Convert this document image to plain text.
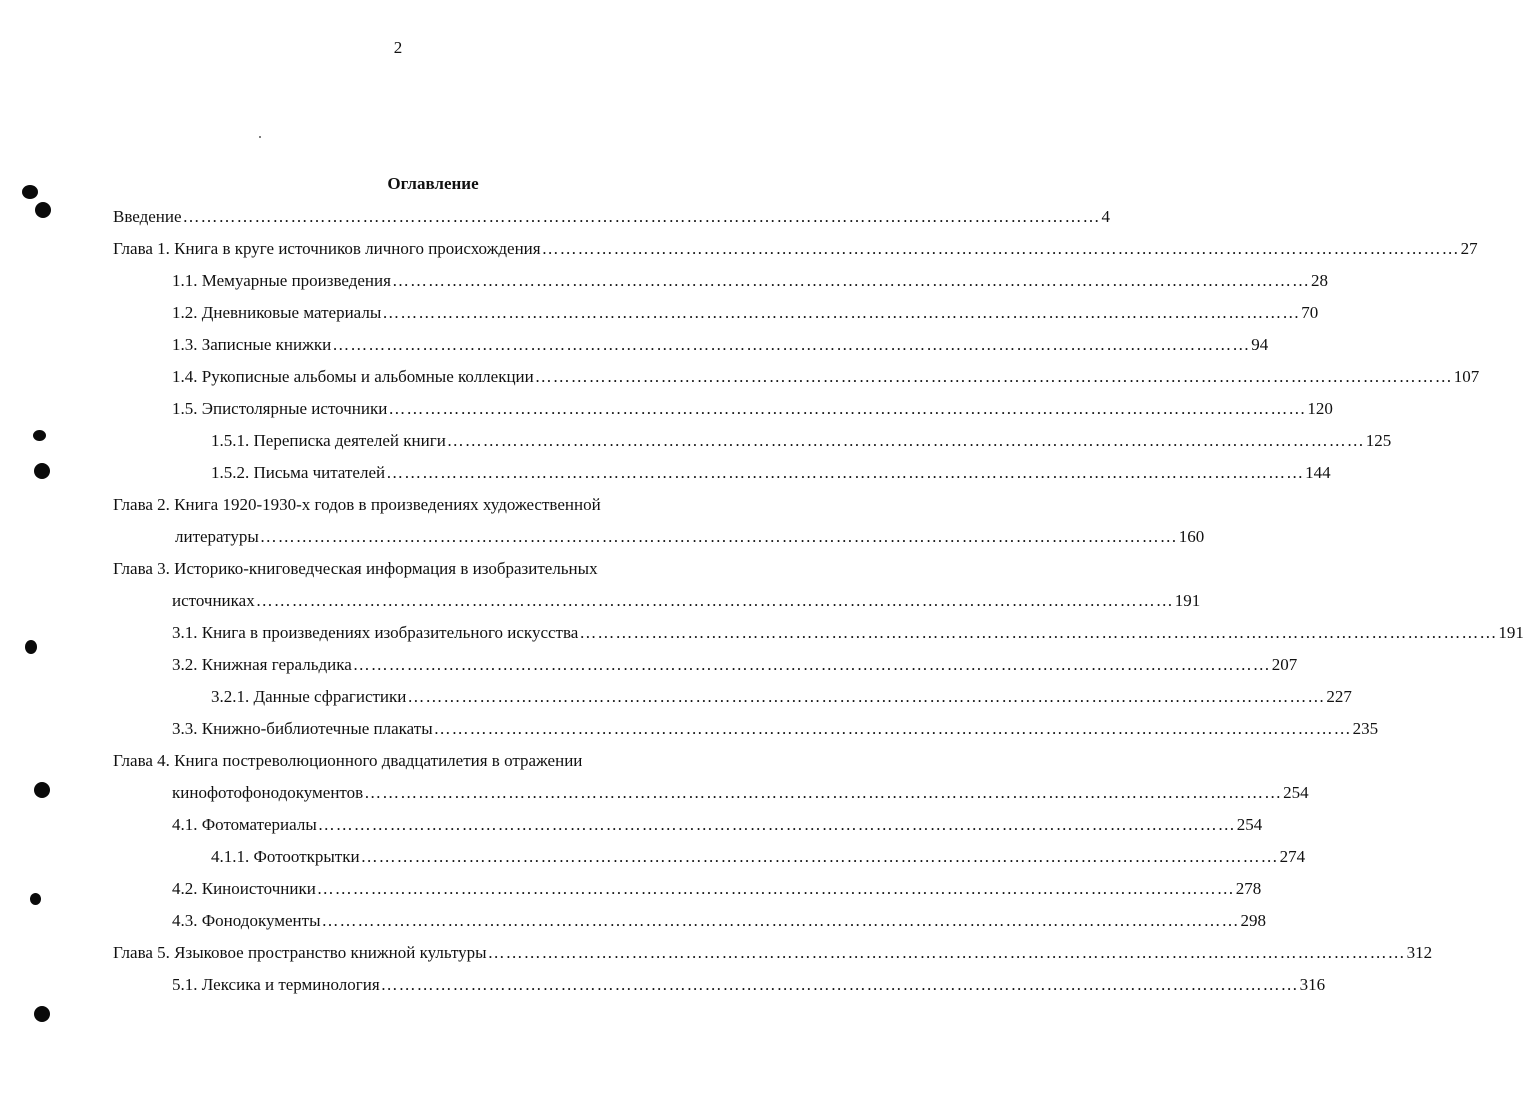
2
Оглавление
Введение ……………………………………………………………………………………………………………………………………… 4
Глава 1. Книга в круге источников личного происхождения ……………………………………………………………………………………………………………………………………… 27
1.1. Мемуарные произведения ……………………………………………………………………………………………………………………………………… 28
1.2. Дневниковые материалы ……………………………………………………………………………………………………………………………………… 70
1.3. Записные книжки ……………………………………………………………………………………………………………………………………… 94
1.4. Рукописные альбомы и альбомные коллекции ……………………………………………………………………………………………………………………………………… 107
1.5. Эпистолярные источники ……………………………………………………………………………………………………………………………………… 120
1.5.1. Переписка деятелей книги ……………………………………………………………………………………………………………………………………… 125
1.5.2. Письма читателей ……………………………………………………………………………………………………………………………………… 144
Глава 2. Книга 1920-1930-х годов в произведениях художественной
литературы ……………………………………………………………………………………………………………………………………… 160
Глава 3. Историко-книговедческая информация в изобразительных
источниках ……………………………………………………………………………………………………………………………………… 191
3.1. Книга в произведениях изобразительного искусства ……………………………………………………………………………………………………………………………………… 191
3.2. Книжная геральдика ……………………………………………………………………………………………………………………………………… 207
3.2.1. Данные сфрагистики ……………………………………………………………………………………………………………………………………… 227
3.3. Книжно-библиотечные плакаты ……………………………………………………………………………………………………………………………………… 235
Глава 4. Книга постреволюционного двадцатилетия в отражении
кинофотофонодокументов ……………………………………………………………………………………………………………………………………… 254
4.1. Фотоматериалы ……………………………………………………………………………………………………………………………………… 254
4.1.1. Фотооткрытки ……………………………………………………………………………………………………………………………………… 274
4.2. Киноисточники ……………………………………………………………………………………………………………………………………… 278
4.3. Фонодокументы ……………………………………………………………………………………………………………………………………… 298
Глава 5. Языковое пространство книжной культуры ……………………………………………………………………………………………………………………………………… 312
5.1. Лексика и терминология ……………………………………………………………………………………………………………………………………… 316
